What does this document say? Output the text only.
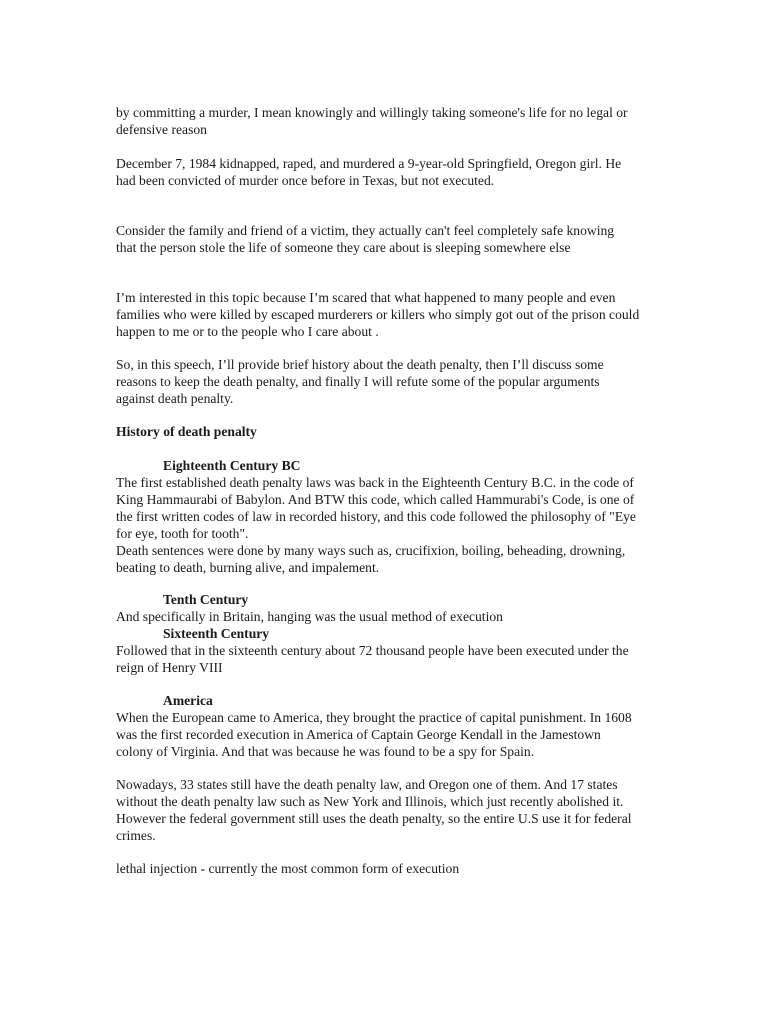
by committing a murder, I mean knowingly and willingly taking someone's life for no legal or defensive reason

December 7, 1984 kidnapped, raped, and murdered a 9-year-old Springfield, Oregon girl. He had been convicted of murder once before in Texas, but not executed.

Consider the family and friend of a victim, they actually can't feel completely safe knowing that the person stole the life of someone they care about is sleeping somewhere else

I’m interested in this topic because I’m scared that what happened to many people and even families who were killed by escaped murderers or killers who simply got out of the prison could happen to me or to the people who I care about .

So, in this speech, I’ll provide brief history about the death penalty, then I’ll discuss some reasons to keep the death penalty, and finally I will refute some of the popular arguments against death penalty.

History of death penalty

Eighteenth Century BC

The first established death penalty laws was back in the Eighteenth Century B.C. in the code of King Hammaurabi of Babylon. And BTW this code, which called Hammurabi's Code, is one of the first written codes of law in recorded history, and this code followed the philosophy of "Eye for eye, tooth for tooth".

Death sentences were done by many ways such as, crucifixion, boiling, beheading, drowning, beating to death, burning alive, and impalement.

Tenth Century

And specifically in Britain, hanging was the usual method of execution

Sixteenth Century

Followed that in the sixteenth century about 72 thousand people have been executed under the reign of Henry VIII

America

When the European came to America, they brought the practice of capital punishment. In 1608 was the first recorded execution in America of Captain George Kendall in the Jamestown colony of Virginia. And that was because he was found to be a spy for Spain.

Nowadays, 33 states still have the death penalty law, and Oregon one of them. And 17 states without the death penalty law such as New York and Illinois, which just recently abolished it. However the federal government still uses the death penalty, so the entire U.S use it for federal crimes.

lethal injection - currently the most common form of execution
